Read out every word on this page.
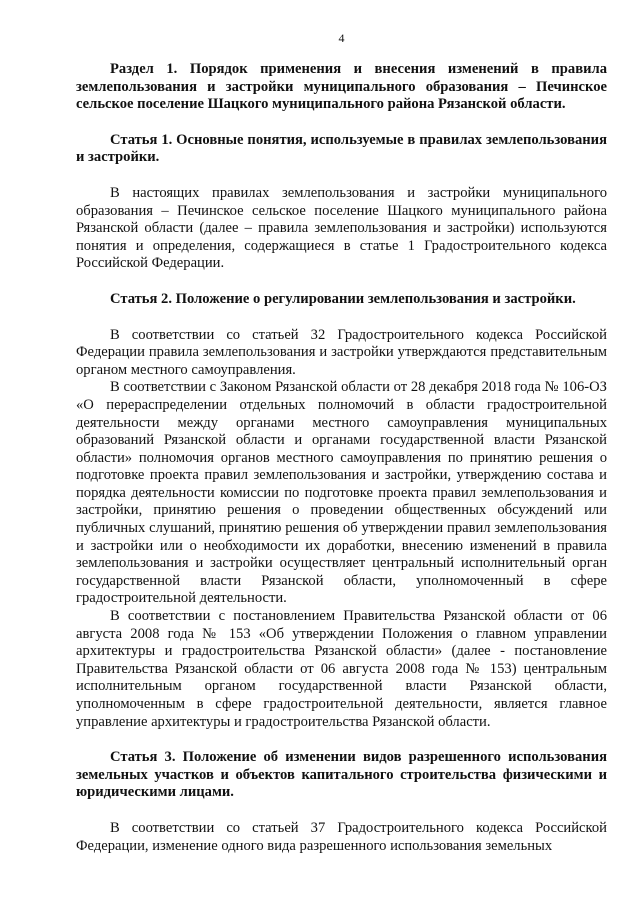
4

Раздел 1. Порядок применения и внесения изменений в правила землепользования и застройки муниципального образования – Печинское сельское поселение Шацкого муниципального района Рязанской области.

Статья 1. Основные понятия, используемые в правилах землепользования и застройки.

В настоящих правилах землепользования и застройки муниципального образования – Печинское сельское поселение Шацкого муниципального района Рязанской области (далее – правила землепользования и застройки) используются понятия и определения, содержащиеся в статье 1 Градостроительного кодекса Российской Федерации.

Статья 2. Положение о регулировании землепользования и застройки.

В соответствии со статьей 32 Градостроительного кодекса Российской Федерации правила землепользования и застройки утверждаются представительным органом местного самоуправления.

В соответствии с Законом Рязанской области от 28 декабря 2018 года № 106-ОЗ «О перераспределении отдельных полномочий в области градостроительной деятельности между органами местного самоуправления муниципальных образований Рязанской области и органами государственной власти Рязанской области» полномочия органов местного самоуправления по принятию решения о подготовке проекта правил землепользования и застройки, утверждению состава и порядка деятельности комиссии по подготовке проекта правил землепользования и застройки, принятию решения о проведении общественных обсуждений или публичных слушаний, принятию решения об утверждении правил землепользования и застройки или о необходимости их доработки, внесению изменений в правила землепользования и застройки осуществляет центральный исполнительный орган государственной власти Рязанской области, уполномоченный в сфере градостроительной деятельности.

В соответствии с постановлением Правительства Рязанской области от 06 августа 2008 года № 153 «Об утверждении Положения о главном управлении архитектуры и градостроительства Рязанской области» (далее - постановление Правительства Рязанской области от 06 августа 2008 года № 153) центральным исполнительным органом государственной власти Рязанской области, уполномоченным в сфере градостроительной деятельности, является главное управление архитектуры и градостроительства Рязанской области.

Статья 3. Положение об изменении видов разрешенного использования земельных участков и объектов капитального строительства физическими и юридическими лицами.

В соответствии со статьей 37 Градостроительного кодекса Российской Федерации, изменение одного вида разрешенного использования земельных
